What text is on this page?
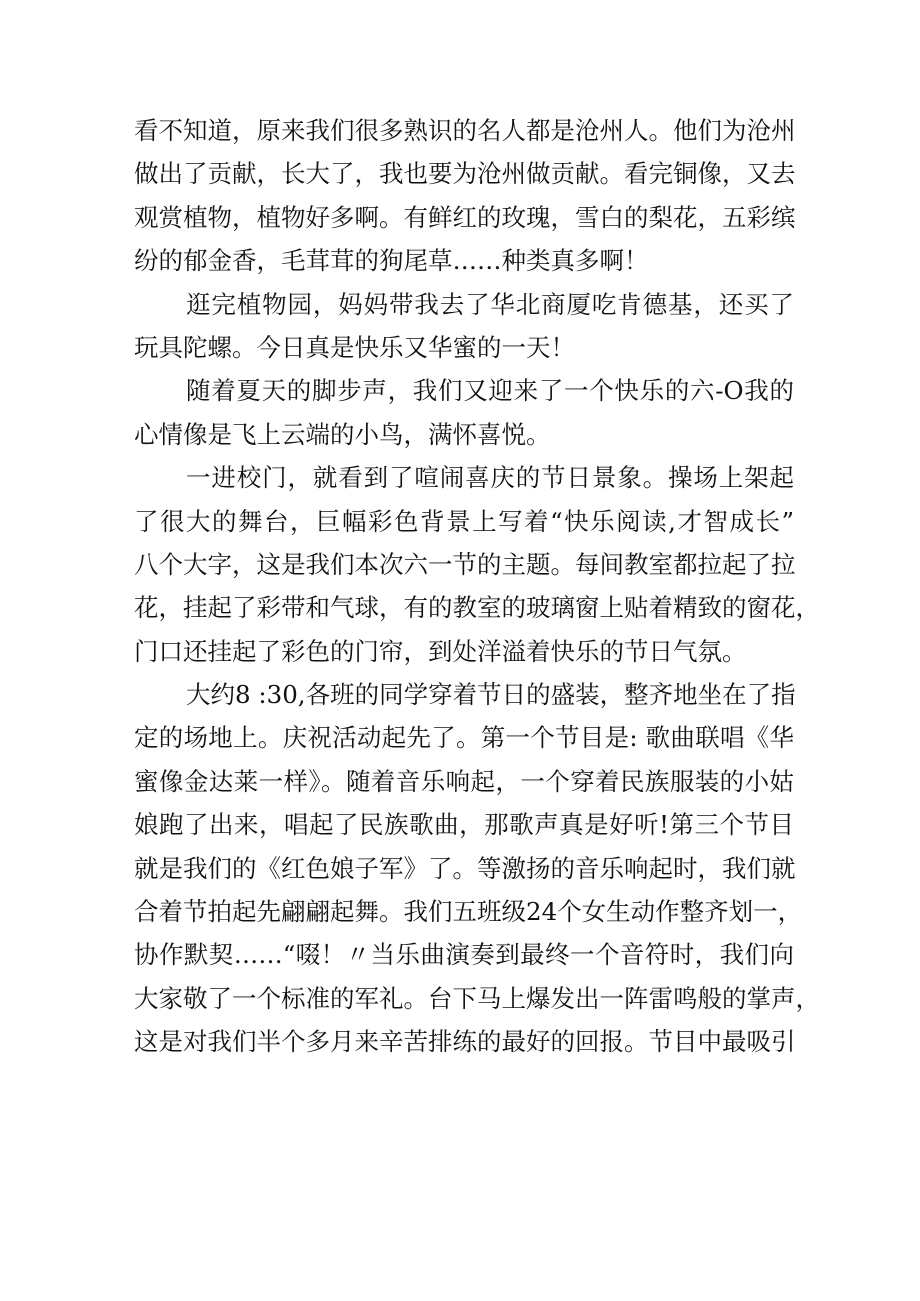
看不知道，原来我们很多熟识的名人都是沧州人。他们为沧州
做出了贡献，长大了，我也要为沧州做贡献。看完铜像，又去
观赏植物，植物好多啊。有鲜红的玫瑰，雪白的梨花，五彩缤
纷的郁金香，毛茸茸的狗尾草……种类真多啊！
逛完植物园，妈妈带我去了华北商厦吃肯德基，还买了
玩具陀螺。今日真是快乐又华蜜的一天！
随着夏天的脚步声，我们又迎来了一个快乐的六-O我的
心情像是飞上云端的小鸟，满怀喜悦。
一进校门，就看到了喧闹喜庆的节日景象。操场上架起
了很大的舞台，巨幅彩色背景上写着“快乐阅读,才智成长”
八个大字，这是我们本次六一节的主题。每间教室都拉起了拉
花，挂起了彩带和气球，有的教室的玻璃窗上贴着精致的窗花，
门口还挂起了彩色的门帘，到处洋溢着快乐的节日气氛。
大约8 :30,各班的同学穿着节日的盛装，整齐地坐在了指
定的场地上。庆祝活动起先了。第一个节目是: 歌曲联唱《华
蜜像金达莱一样》。随着音乐响起，一个穿着民族服装的小姑
娘跑了出来，唱起了民族歌曲，那歌声真是好听!第三个节目
就是我们的《红色娘子军》了。等激扬的音乐响起时，我们就
合着节拍起先翩翩起舞。我们五班级24个女生动作整齐划一，
协作默契……“啜！〃当乐曲演奏到最终一个音符时，我们向
大家敬了一个标准的军礼。台下马上爆发出一阵雷鸣般的掌声，
这是对我们半个多月来辛苦排练的最好的回报。节目中最吸引
